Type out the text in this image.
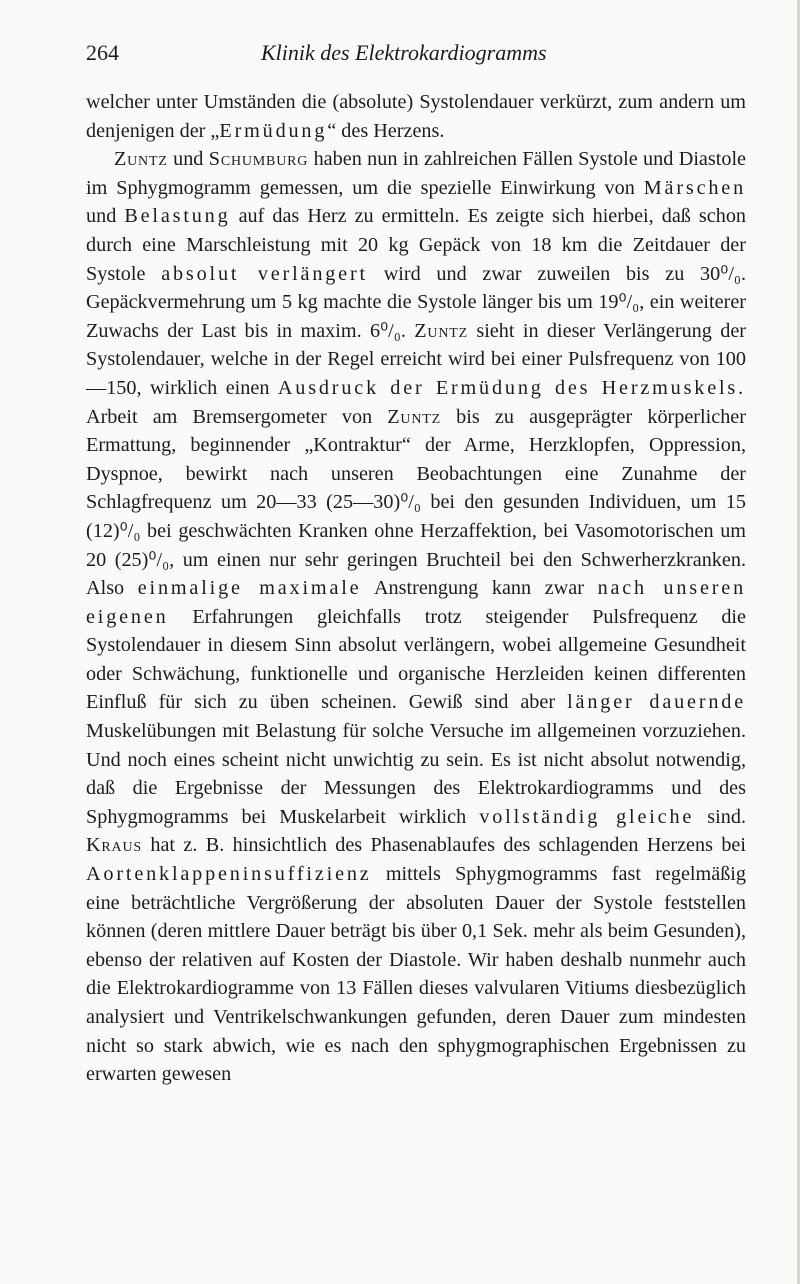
264	Klinik des Elektrokardiogramms

welcher unter Umständen die (absolute) Systolendauer verkürzt, zum andern um denjenigen der „Ermüdung“ des Herzens.

Zuntz und Schumburg haben nun in zahlreichen Fällen Systole und Diastole im Sphygmogramm gemessen, um die spezielle Einwirkung von Märschen und Belastung auf das Herz zu ermitteln. Es zeigte sich hierbei, daß schon durch eine Marschleistung mit 20 kg Gepäck von 18 km die Zeitdauer der Systole absolut verlängert wird und zwar zuweilen bis zu 30⁰/₀. Gepäckvermehrung um 5 kg machte die Systole länger bis um 19⁰/₀, ein weiterer Zuwachs der Last bis in maxim. 6⁰/₀. Zuntz sieht in dieser Verlängerung der Systolendauer, welche in der Regel erreicht wird bei einer Pulsfrequenz von 100—150, wirklich einen Ausdruck der Ermüdung des Herzmuskels. Arbeit am Bremsergometer von Zuntz bis zu ausgeprägter körperlicher Ermattung, beginnender „Kontraktur“ der Arme, Herzklopfen, Oppression, Dyspnoe, bewirkt nach unseren Beobachtungen eine Zunahme der Schlagfrequenz um 20—33 (25—30)⁰/₀ bei den gesunden Individuen, um 15 (12)⁰/₀ bei geschwächten Kranken ohne Herzaffektion, bei Vasomotorischen um 20 (25)⁰/₀, um einen nur sehr geringen Bruchteil bei den Schwerherzkranken. Also einmalige maximale Anstrengung kann zwar nach unseren eigenen Erfahrungen gleichfalls trotz steigender Pulsfrequenz die Systolendauer in diesem Sinn absolut verlängern, wobei allgemeine Gesundheit oder Schwächung, funktionelle und organische Herzleiden keinen differenten Einfluß für sich zu üben scheinen. Gewiß sind aber länger dauernde Muskelübungen mit Belastung für solche Versuche im allgemeinen vorzuziehen. Und noch eines scheint nicht unwichtig zu sein. Es ist nicht absolut notwendig, daß die Ergebnisse der Messungen des Elektrokardiogramms und des Sphygmogramms bei Muskelarbeit wirklich vollständig gleiche sind. Kraus hat z. B. hinsichtlich des Phasenablaufes des schlagenden Herzens bei Aortenklappeninsuffizienz mittels Sphygmogramms fast regelmäßig eine beträchtliche Vergrößerung der absoluten Dauer der Systole feststellen können (deren mittlere Dauer beträgt bis über 0,1 Sek. mehr als beim Gesunden), ebenso der relativen auf Kosten der Diastole. Wir haben deshalb nunmehr auch die Elektrokardiogramme von 13 Fällen dieses valvularen Vitiums diesbezüglich analysiert und Ventrikelschwankungen gefunden, deren Dauer zum mindesten nicht so stark abwich, wie es nach den sphygmographischen Ergebnissen zu erwarten gewesen
